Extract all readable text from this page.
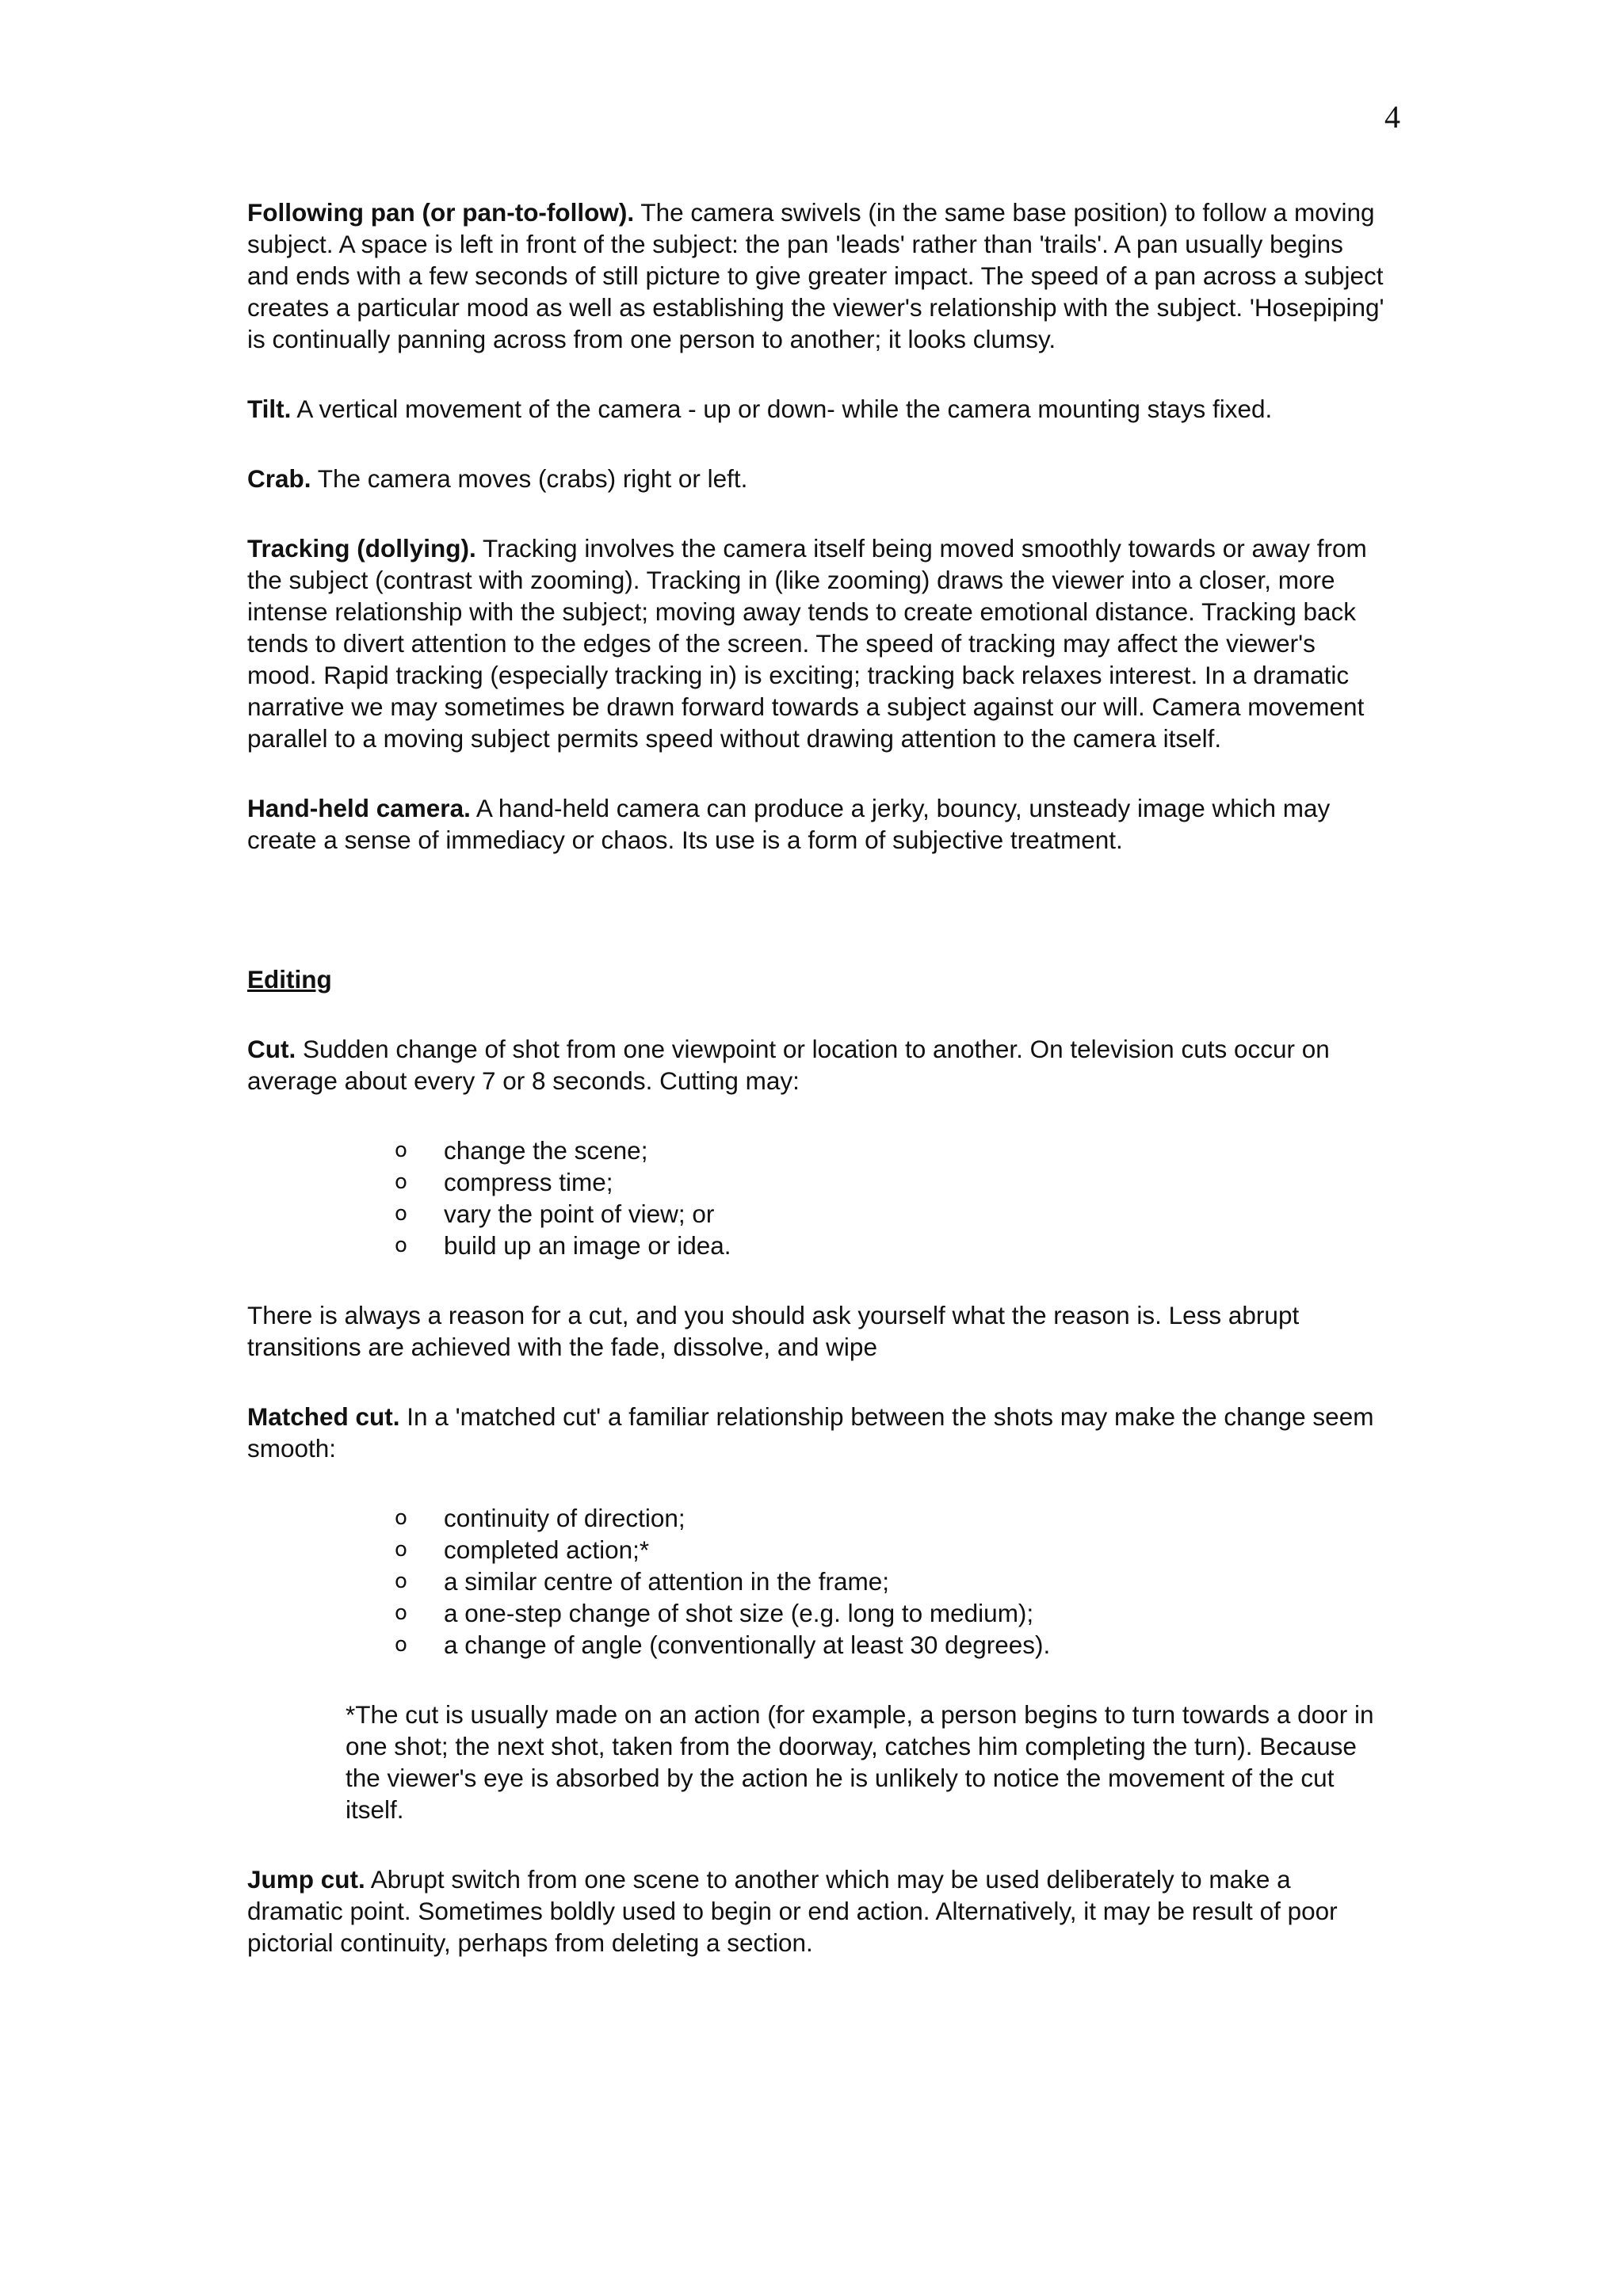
4

Following pan (or pan-to-follow). The camera swivels (in the same base position) to follow a moving subject. A space is left in front of the subject: the pan 'leads' rather than 'trails'. A pan usually begins and ends with a few seconds of still picture to give greater impact. The speed of a pan across a subject creates a particular mood as well as establishing the viewer's relationship with the subject. 'Hosepiping' is continually panning across from one person to another; it looks clumsy.

Tilt. A vertical movement of the camera - up or down- while the camera mounting stays fixed.

Crab. The camera moves (crabs) right or left.

Tracking (dollying). Tracking involves the camera itself being moved smoothly towards or away from the subject (contrast with zooming). Tracking in (like zooming) draws the viewer into a closer, more intense relationship with the subject; moving away tends to create emotional distance. Tracking back tends to divert attention to the edges of the screen. The speed of tracking may affect the viewer's mood. Rapid tracking (especially tracking in) is exciting; tracking back relaxes interest. In a dramatic narrative we may sometimes be drawn forward towards a subject against our will. Camera movement parallel to a moving subject permits speed without drawing attention to the camera itself.

Hand-held camera. A hand-held camera can produce a jerky, bouncy, unsteady image which may create a sense of immediacy or chaos. Its use is a form of subjective treatment.

Editing

Cut. Sudden change of shot from one viewpoint or location to another. On television cuts occur on average about every 7 or 8 seconds. Cutting may:

o change the scene;
o compress time;
o vary the point of view; or
o build up an image or idea.

There is always a reason for a cut, and you should ask yourself what the reason is. Less abrupt transitions are achieved with the fade, dissolve, and wipe

Matched cut. In a 'matched cut' a familiar relationship between the shots may make the change seem smooth:

o continuity of direction;
o completed action;*
o a similar centre of attention in the frame;
o a one-step change of shot size (e.g. long to medium);
o a change of angle (conventionally at least 30 degrees).

*The cut is usually made on an action (for example, a person begins to turn towards a door in one shot; the next shot, taken from the doorway, catches him completing the turn). Because the viewer's eye is absorbed by the action he is unlikely to notice the movement of the cut itself.

Jump cut. Abrupt switch from one scene to another which may be used deliberately to make a dramatic point. Sometimes boldly used to begin or end action. Alternatively, it may be result of poor pictorial continuity, perhaps from deleting a section.
